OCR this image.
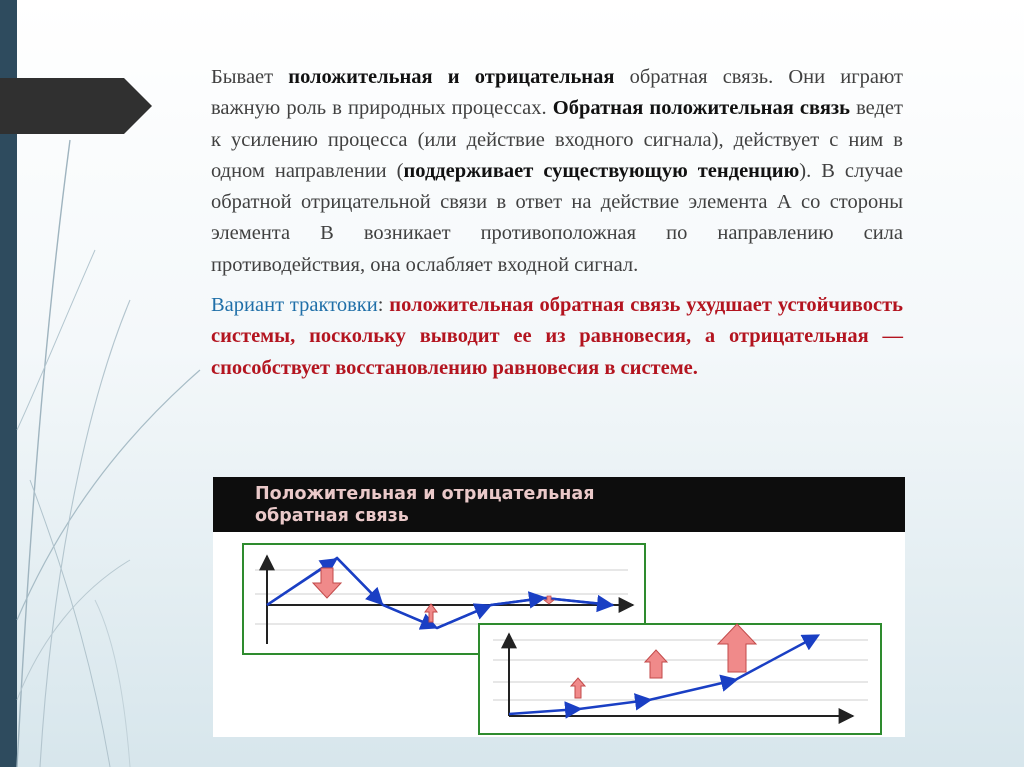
Бывает положительная и отрицательная обратная связь. Они играют важную роль в природных процессах. Обратная положительная связь ведет к усилению процесса (или действие входного сигнала), действует с ним в одном направлении (поддерживает существующую тенденцию). В случае обратной отрицательной связи в ответ на действие элемента А со стороны элемента В возникает противоположная по направлению сила противодействия, она ослабляет входной сигнал.

Вариант трактовки: положительная обратная связь ухудшает устойчивость системы, поскольку выводит ее из равновесия, а отрицательная — способствует восстановлению равновесия в системе.

Положительная и отрицательная
обратная связь
